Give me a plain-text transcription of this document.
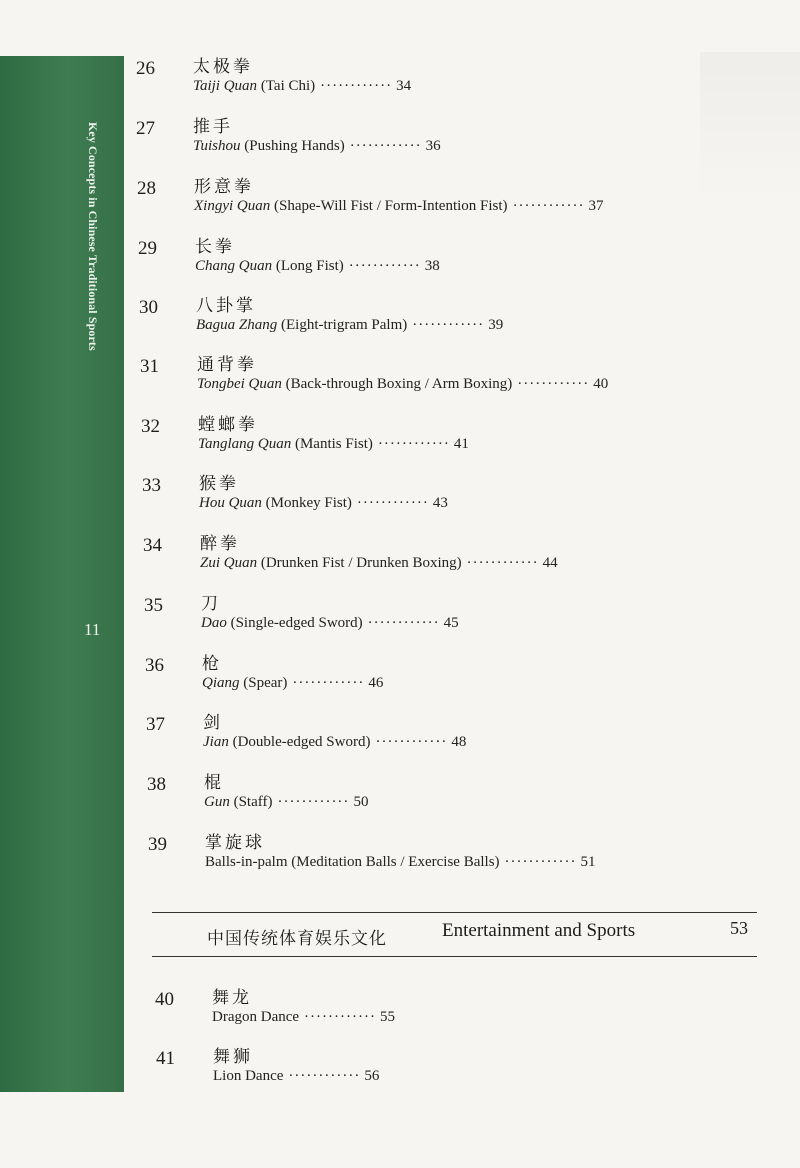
Key Concepts in Chinese Traditional Sports
11
26 太极拳
Taiji Quan (Tai Chi) ············ 34
27 推手
Tuishou (Pushing Hands) ············ 36
28 形意拳
Xingyi Quan (Shape-Will Fist / Form-Intention Fist) ············ 37
29 长拳
Chang Quan (Long Fist) ············ 38
30 八卦掌
Bagua Zhang (Eight-trigram Palm) ············ 39
31 通背拳
Tongbei Quan (Back-through Boxing / Arm Boxing) ············ 40
32 螳螂拳
Tanglang Quan (Mantis Fist) ············ 41
33 猴拳
Hou Quan (Monkey Fist) ············ 43
34 醉拳
Zui Quan (Drunken Fist / Drunken Boxing) ············ 44
35 刀
Dao (Single-edged Sword) ············ 45
36 枪
Qiang (Spear) ············ 46
37 剑
Jian (Double-edged Sword) ············ 48
38 棍
Gun (Staff) ············ 50
39 掌旋球
Balls-in-palm (Meditation Balls / Exercise Balls) ············ 51
中国传统体育娱乐文化	Entertainment and Sports	53
40 舞龙
Dragon Dance ············ 55
41 舞狮
Lion Dance ············ 56
